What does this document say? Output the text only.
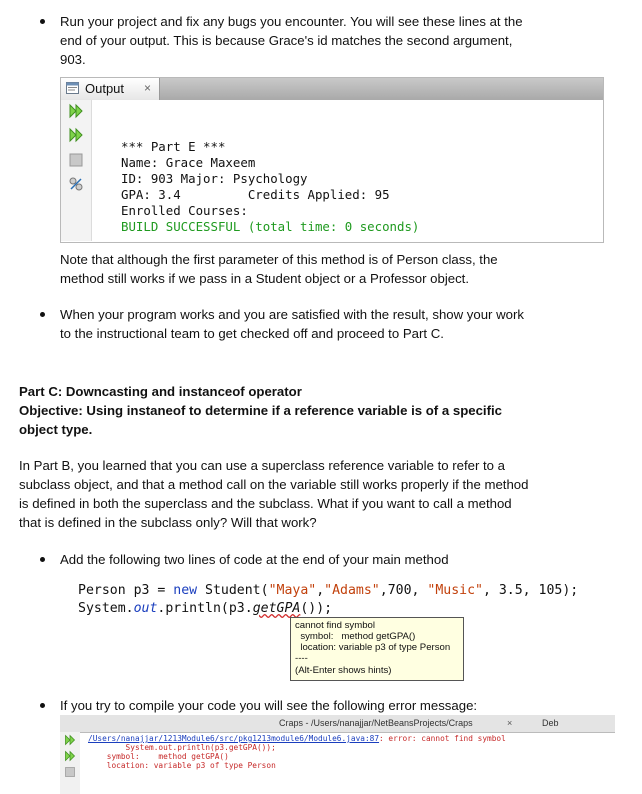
Run your project and fix any bugs you encounter. You will see these lines at the
end of your output. This is because Grace's id matches the second argument,
903.
Output ×
*** Part E ***
Name: Grace Maxeem
ID: 903 Major: Psychology
GPA: 3.4         Credits Applied: 95
Enrolled Courses:
BUILD SUCCESSFUL (total time: 0 seconds)
Note that although the first parameter of this method is of Person class, the
method still works if we pass in a Student object or a Professor object.
When your program works and you are satisfied with the result, show your work
to the instructional team to get checked off and proceed to Part C.
Part C: Downcasting and instanceof operator
Objective: Using instaneof to determine if a reference variable is of a specific
object type.
In Part B, you learned that you can use a superclass reference variable to refer to a
subclass object, and that a method call on the variable still works properly if the method
is defined in both the superclass and the subclass. What if you want to call a method
that is defined in the subclass only? Will that work?
Add the following two lines of code at the end of your main method
Person p3 = new Student("Maya","Adams",700, "Music", 3.5, 105);
System.out.println(p3.getGPA());
cannot find symbol
symbol:   method getGPA()
location: variable p3 of type Person
----
(Alt-Enter shows hints)
If you try to compile your code you will see the following error message:
Craps - /Users/nanajjar/NetBeansProjects/Craps	×	Deb
/Users/nanajjar/1213Module6/src/pkg1213module6/Module6.java:87: error: cannot find symbol
System.out.println(p3.getGPA());
symbol:    method getGPA()
location: variable p3 of type Person
